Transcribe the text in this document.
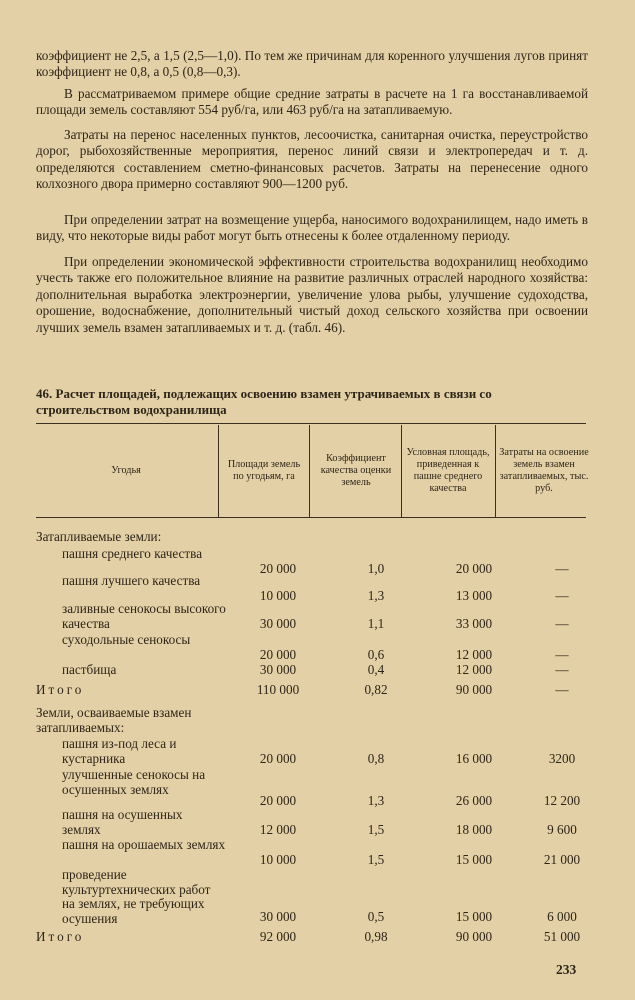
коэффициент не 2,5, а 1,5 (2,5—1,0). По тем же причинам для коренного улучшения лугов принят коэффициент не 0,8, а 0,5 (0,8—0,3).

В рассматриваемом примере общие средние затраты в расчете на 1 га восстанавливаемой площади земель составляют 554 руб/га, или 463 руб/га на затапливаемую.

Затраты на перенос населенных пунктов, лесоочистка, санитарная очистка, переустройство дорог, рыбохозяйственные мероприятия, перенос линий связи и электропередач и т. д. определяются составлением сметно-финансовых расчетов. Затраты на перенесение одного колхозного двора примерно составляют 900—1200 руб.

При определении затрат на возмещение ущерба, наносимого водохранилищем, надо иметь в виду, что некоторые виды работ могут быть отнесены к более отдаленному периоду.

При определении экономической эффективности строительства водохранилищ необходимо учесть также его положительное влияние на развитие различных отраслей народного хозяйства: дополнительная выработка электроэнергии, увеличение улова рыбы, улучшение судоходства, орошение, водоснабжение, дополнительный чистый доход сельского хозяйства при освоении лучших земель взамен затапливаемых и т. д. (табл. 46).

46. Расчет площадей, подлежащих освоению взамен утрачиваемых в связи со строительством водохранилища

Угодья
Площади земель по угодьям, га
Коэффициент качества оценки земель
Условная площадь, приведенная к пашне среднего качества
Затраты на освоение земель взамен затапливаемых, тыс. руб.
Затапливаемые земли:
пашня среднего качества
20 000	1,0	20 000	—
пашня лучшего качества
10 000	1,3	13 000	—
заливные сенокосы высокого качества	30 000	1,1	33 000	—
суходольные сенокосы
20 000	0,6	12 000	—
пастбища	30 000	0,4	12 000	—
Итого	110 000	0,82	90 000	—
Земли, осваиваемые взамен затапливаемых:
пашня из-под леса и кустарника	20 000	0,8	16 000	3200
улучшенные сенокосы на осушенных землях
20 000	1,3	26 000	12 200
пашня на осушенных землях	12 000	1,5	18 000	9 600
пашня на орошаемых землях
10 000	1,5	15 000	21 000
проведение культуртехнических работ на землях, не требующих осушения	30 000	0,5	15 000	6 000
Итого	92 000	0,98	90 000	51 000
233
